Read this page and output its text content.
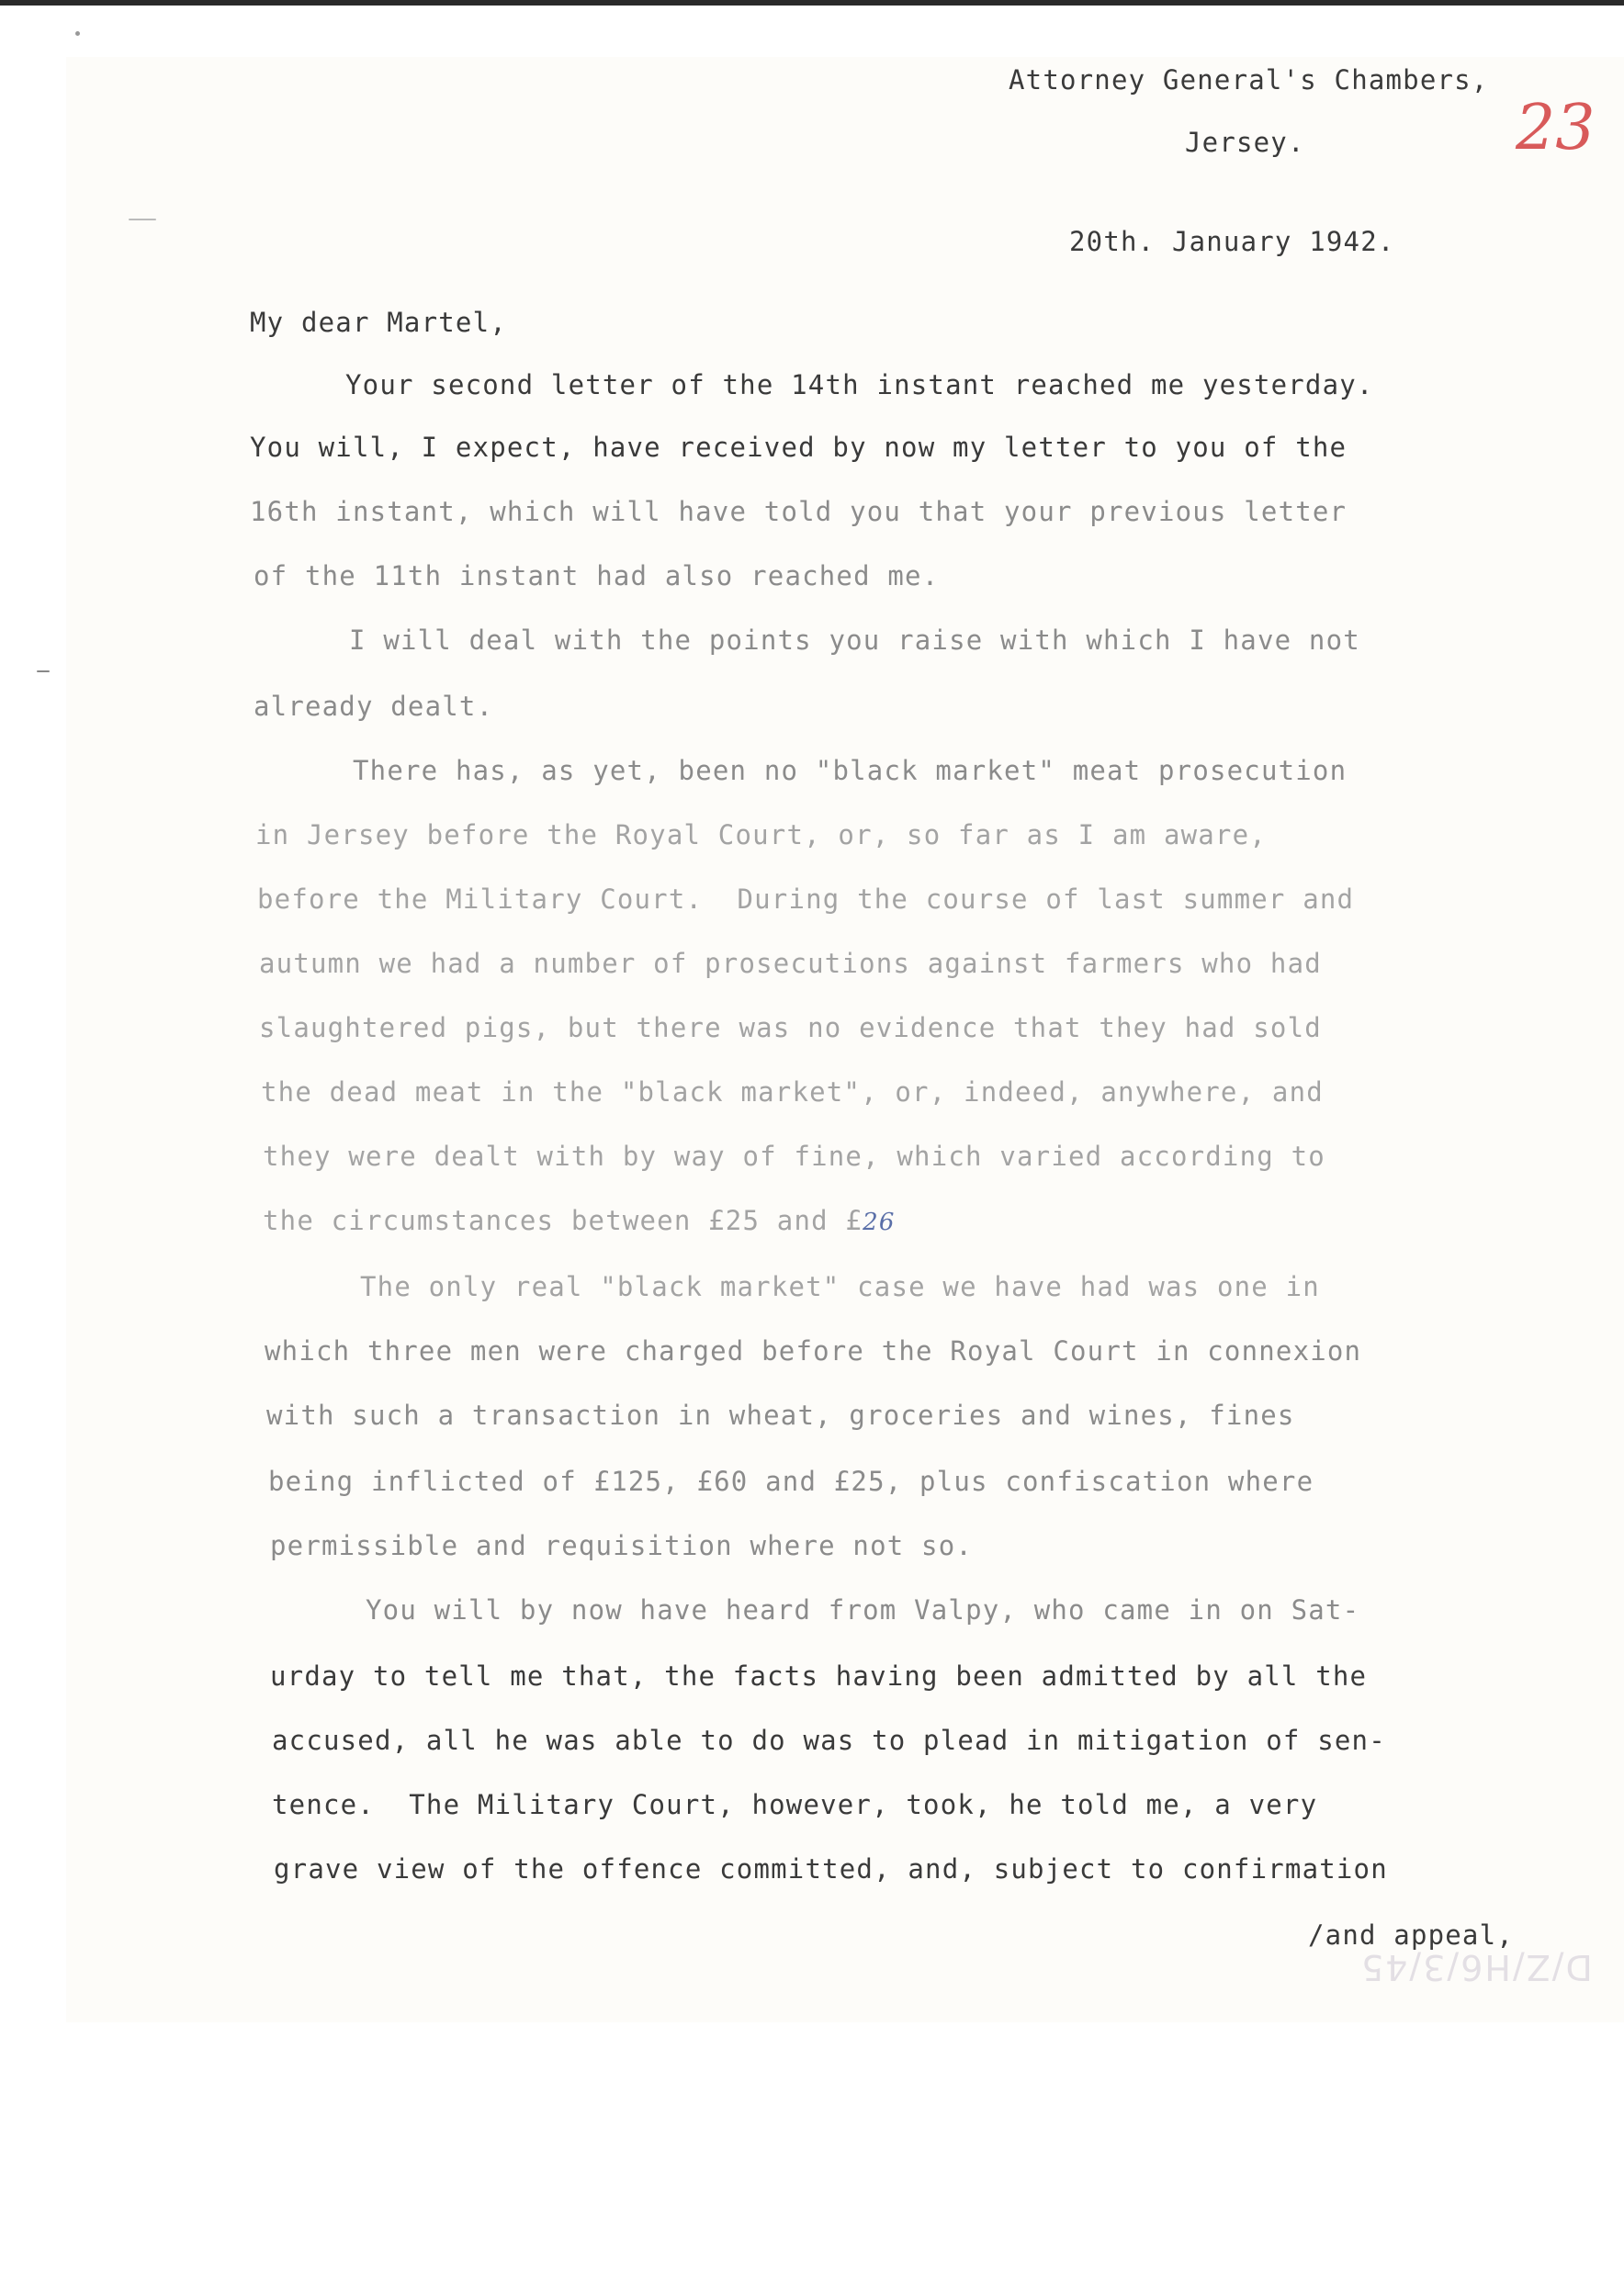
Attorney General's Chambers,
Jersey.	23
20th. January 1942.
My dear Martel,
Your second letter of the 14th instant reached me yesterday.
You will, I expect, have received by now my letter to you of the
16th instant, which will have told you that your previous letter
of the 11th instant had also reached me.
I will deal with the points you raise with which I have not
already dealt.
There has, as yet, been no "black market" meat prosecution
in Jersey before the Royal Court, or, so far as I am aware,
before the Military Court.  During the course of last summer and
autumn we had a number of prosecutions against farmers who had
slaughtered pigs, but there was no evidence that they had sold
the dead meat in the "black market", or, indeed, anywhere, and
they were dealt with by way of fine, which varied according to
the circumstances between £25 and £26
The only real "black market" case we have had was one in
which three men were charged before the Royal Court in connexion
with such a transaction in wheat, groceries and wines, fines
being inflicted of £125, £60 and £25, plus confiscation where
permissible and requisition where not so.
You will by now have heard from Valpy, who came in on Sat-
urday to tell me that, the facts having been admitted by all the
accused, all he was able to do was to plead in mitigation of sen-
tence.  The Military Court, however, took, he told me, a very
grave view of the offence committed, and, subject to confirmation
/and appeal,
D/Z/H6/3/45
